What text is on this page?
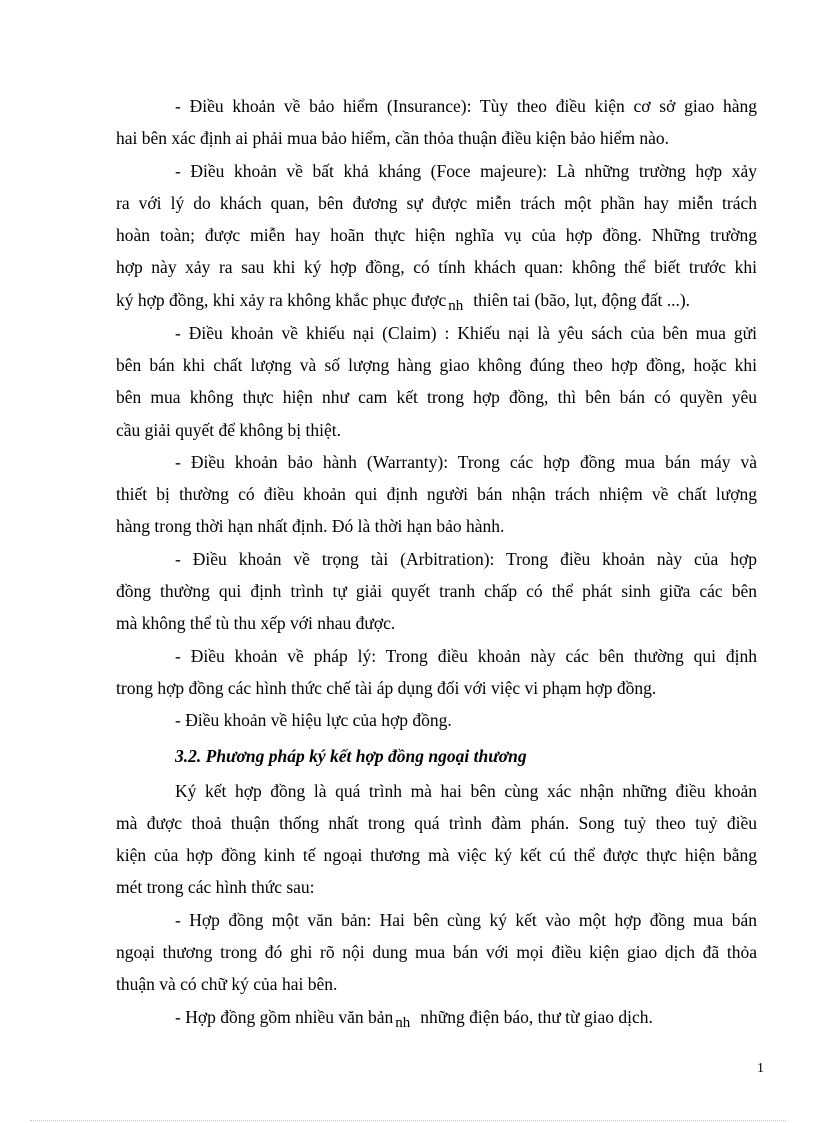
- Điều khoản về bảo hiểm (Insurance): Tùy theo điều kiện cơ sở giao hàng
hai bên xác định ai phải mua bảo hiểm, cần thỏa thuận điều kiện bảo hiểm nào.
- Điều khoản về bất khả kháng (Foce majeure): Là những trường hợp xảy
ra với lý do khách quan, bên đương sự được miễn trách một phần hay miễn trách
hoàn toàn; được miễn hay hoãn thực hiện nghĩa vụ của hợp đồng. Những trường
hợp này xảy ra sau khi ký hợp đồng, có tính khách quan: không thể biết trước khi
ký hợp đồng, khi xảy ra không khắc phục được nh thiên tai (bão, lụt, động đất ...).
- Điều khoản về khiếu nại (Claim) : Khiếu nại là yêu sách của bên mua gửi
bên bán khi chất lượng và số lượng hàng giao không đúng theo hợp đồng, hoặc khi
bên mua không thực hiện như cam kết trong hợp đồng, thì bên bán có quyền yêu
cầu giải quyết để không bị thiệt.
- Điều khoản bảo hành (Warranty): Trong các hợp đồng mua bán máy và
thiết bị thường có điều khoản qui định người bán nhận trách nhiệm về chất lượng
hàng trong thời hạn nhất định. Đó là thời hạn bảo hành.
- Điều khoản về trọng tài (Arbitration): Trong điều khoản này của hợp
đồng thường qui định trình tự giải quyết tranh chấp có thể phát sinh giữa các bên
mà không thể tù thu xếp với nhau được.
- Điều khoản về pháp lý: Trong điều khoản này các bên thường qui định
trong hợp đồng các hình thức chế tài áp dụng đối với việc vi phạm hợp đồng.
- Điều khoản về hiệu lực của hợp đồng.
3.2. Phương pháp ký kết hợp đồng ngoại thương
Ký kết hợp đồng là quá trình mà hai bên cùng xác nhận những điều khoản
mà được thoả thuận thống nhất trong quá trình đàm phán. Song tuỷ theo tuỷ điều
kiện của hợp đồng kinh tế ngoại thương mà việc ký kết cú thể được thực hiện bằng
mét trong các hình thức sau:
- Hợp đồng một văn bản: Hai bên cùng ký kết vào một hợp đồng mua bán
ngoại thương trong đó ghi rõ nội dung mua bán với mọi điều kiện giao dịch đã thỏa
thuận và có chữ ký của hai bên.
- Hợp đồng gồm nhiều văn bản nh những điện báo, thư từ giao dịch.
1
